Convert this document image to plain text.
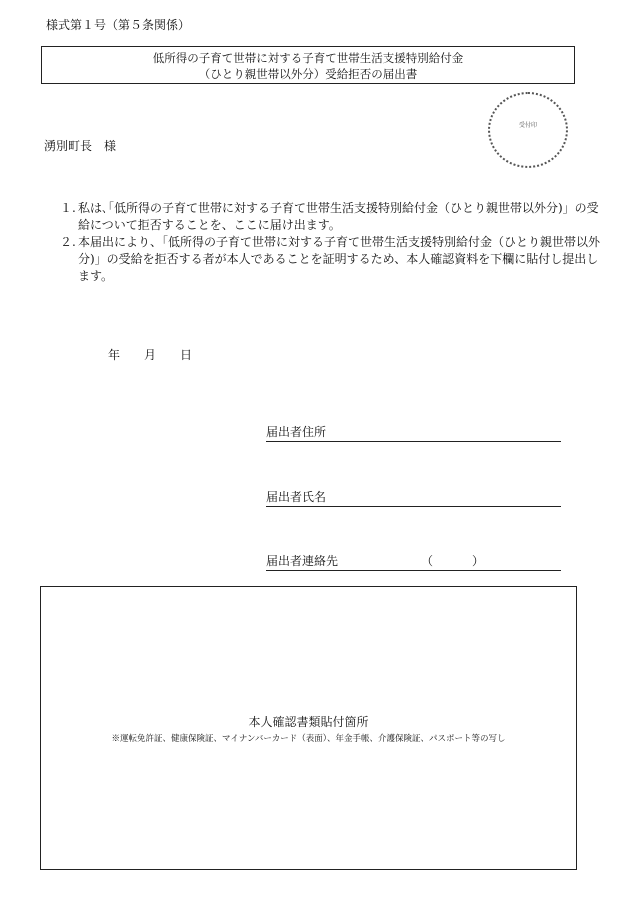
様式第１号（第５条関係）
低所得の子育て世帯に対する子育て世帯生活支援特別給付金
（ひとり親世帯以外分）受給拒否の届出書
受付印
湧別町長　様
１. 私は､｢低所得の子育て世帯に対する子育て世帯生活支援特別給付金（ひとり親世帯以外分)」の受給について拒否することを、ここに届け出ます。
２. 本届出により、｢低所得の子育て世帯に対する子育て世帯生活支援特別給付金（ひとり親世帯以外分)」の受給を拒否する者が本人であることを証明するため、本人確認資料を下欄に貼付し提出します。
年 月 日
届出者住所
届出者氏名
届出者連絡先	（	）
本人確認書類貼付箇所
※運転免許証、健康保険証、マイナンバーカード（表面）、年金手帳、介護保険証、パスポート等の写し
